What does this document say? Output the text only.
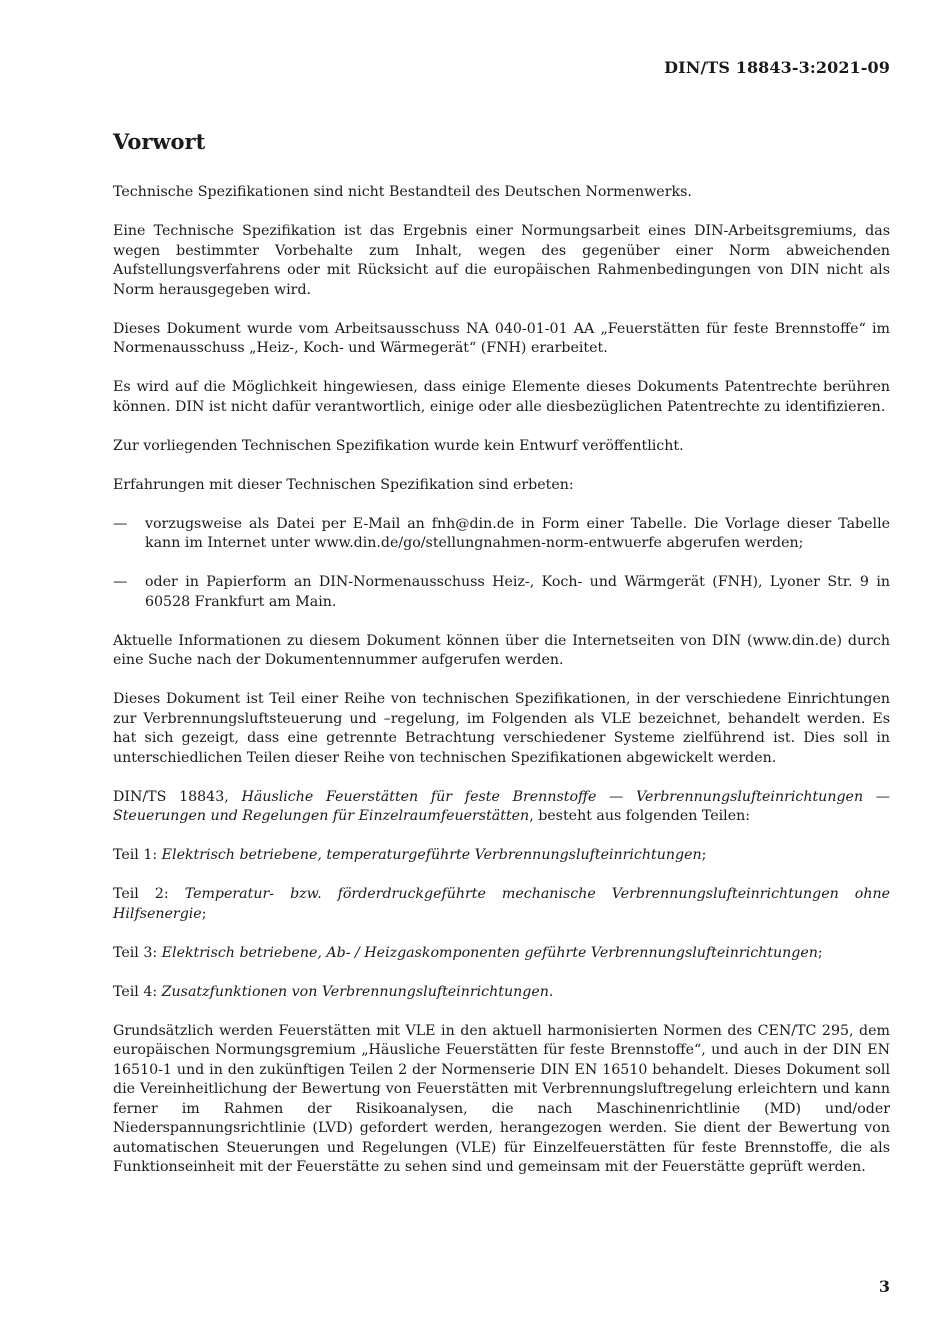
DIN/TS 18843-3:2021-09
Vorwort

Technische Spezifikationen sind nicht Bestandteil des Deutschen Normenwerks.

Eine Technische Spezifikation ist das Ergebnis einer Normungsarbeit eines DIN-Arbeitsgremiums, das wegen bestimmter Vorbehalte zum Inhalt, wegen des gegenüber einer Norm abweichenden Aufstellungsverfahrens oder mit Rücksicht auf die europäischen Rahmenbedingungen von DIN nicht als Norm herausgegeben wird.

Dieses Dokument wurde vom Arbeitsausschuss NA 040-01-01 AA „Feuerstätten für feste Brennstoffe“ im Normenausschuss „Heiz-, Koch- und Wärmegerät“ (FNH) erarbeitet.

Es wird auf die Möglichkeit hingewiesen, dass einige Elemente dieses Dokuments Patentrechte berühren können. DIN ist nicht dafür verantwortlich, einige oder alle diesbezüglichen Patentrechte zu identifizieren.

Zur vorliegenden Technischen Spezifikation wurde kein Entwurf veröffentlicht.

Erfahrungen mit dieser Technischen Spezifikation sind erbeten:

— vorzugsweise als Datei per E-Mail an fnh@din.de in Form einer Tabelle. Die Vorlage dieser Tabelle kann im Internet unter www.din.de/go/stellungnahmen-norm-entwuerfe abgerufen werden;
— oder in Papierform an DIN-Normenausschuss Heiz-, Koch- und Wärmgerät (FNH), Lyoner Str. 9 in 60528 Frankfurt am Main.

Aktuelle Informationen zu diesem Dokument können über die Internetseiten von DIN (www.din.de) durch eine Suche nach der Dokumentennummer aufgerufen werden.

Dieses Dokument ist Teil einer Reihe von technischen Spezifikationen, in der verschiedene Einrichtungen zur Verbrennungsluftsteuerung und –regelung, im Folgenden als VLE bezeichnet, behandelt werden. Es hat sich gezeigt, dass eine getrennte Betrachtung verschiedener Systeme zielführend ist. Dies soll in unterschiedlichen Teilen dieser Reihe von technischen Spezifikationen abgewickelt werden.

DIN/TS 18843, Häusliche Feuerstätten für feste Brennstoffe — Verbrennungslufteinrichtungen — Steuerungen und Regelungen für Einzelraumfeuerstätten, besteht aus folgenden Teilen:

Teil 1: Elektrisch betriebene, temperaturgeführte Verbrennungslufteinrichtungen;

Teil 2: Temperatur- bzw. förderdruckgeführte mechanische Verbrennungslufteinrichtungen ohne Hilfsenergie;

Teil 3: Elektrisch betriebene, Ab- / Heizgaskomponenten geführte Verbrennungslufteinrichtungen;

Teil 4: Zusatzfunktionen von Verbrennungslufteinrichtungen.

Grundsätzlich werden Feuerstätten mit VLE in den aktuell harmonisierten Normen des CEN/TC 295, dem europäischen Normungsgremium „Häusliche Feuerstätten für feste Brennstoffe“, und auch in der DIN EN 16510-1 und in den zukünftigen Teilen 2 der Normenserie DIN EN 16510 behandelt. Dieses Dokument soll die Vereinheitlichung der Bewertung von Feuerstätten mit Verbrennungsluftregelung erleichtern und kann ferner im Rahmen der Risikoanalysen, die nach Maschinenrichtlinie (MD) und/oder Niederspannungsrichtlinie (LVD) gefordert werden, herangezogen werden. Sie dient der Bewertung von automatischen Steuerungen und Regelungen (VLE) für Einzelfeuerstätten für feste Brennstoffe, die als Funktionseinheit mit der Feuerstätte zu sehen sind und gemeinsam mit der Feuerstätte geprüft werden.

3
